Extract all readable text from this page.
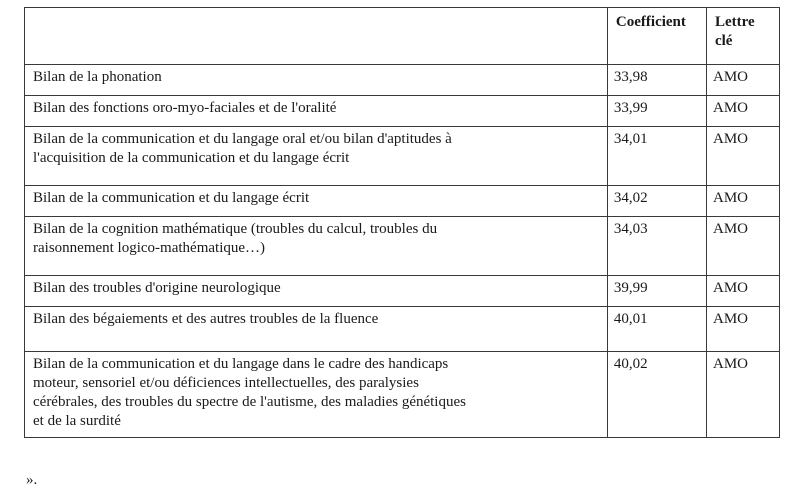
	Coefficient	Lettre
clé
Bilan de la phonation	33,98	AMO
Bilan des fonctions oro-myo-faciales et de l'oralité	33,99	AMO
Bilan de la communication et du langage oral et/ou bilan d'aptitudes à
l'acquisition de la communication et du langage écrit	34,01	AMO
Bilan de la communication et du langage écrit	34,02	AMO
Bilan de la cognition mathématique (troubles du calcul, troubles du
raisonnement logico-mathématique…)	34,03	AMO
Bilan des troubles d'origine neurologique	39,99	AMO
Bilan des bégaiements et des autres troubles de la fluence	40,01	AMO
Bilan de la communication et du langage dans le cadre des handicaps
moteur, sensoriel et/ou déficiences intellectuelles, des paralysies
cérébrales, des troubles du spectre de l'autisme, des maladies génétiques
et de la surdité	40,02	AMO
».
